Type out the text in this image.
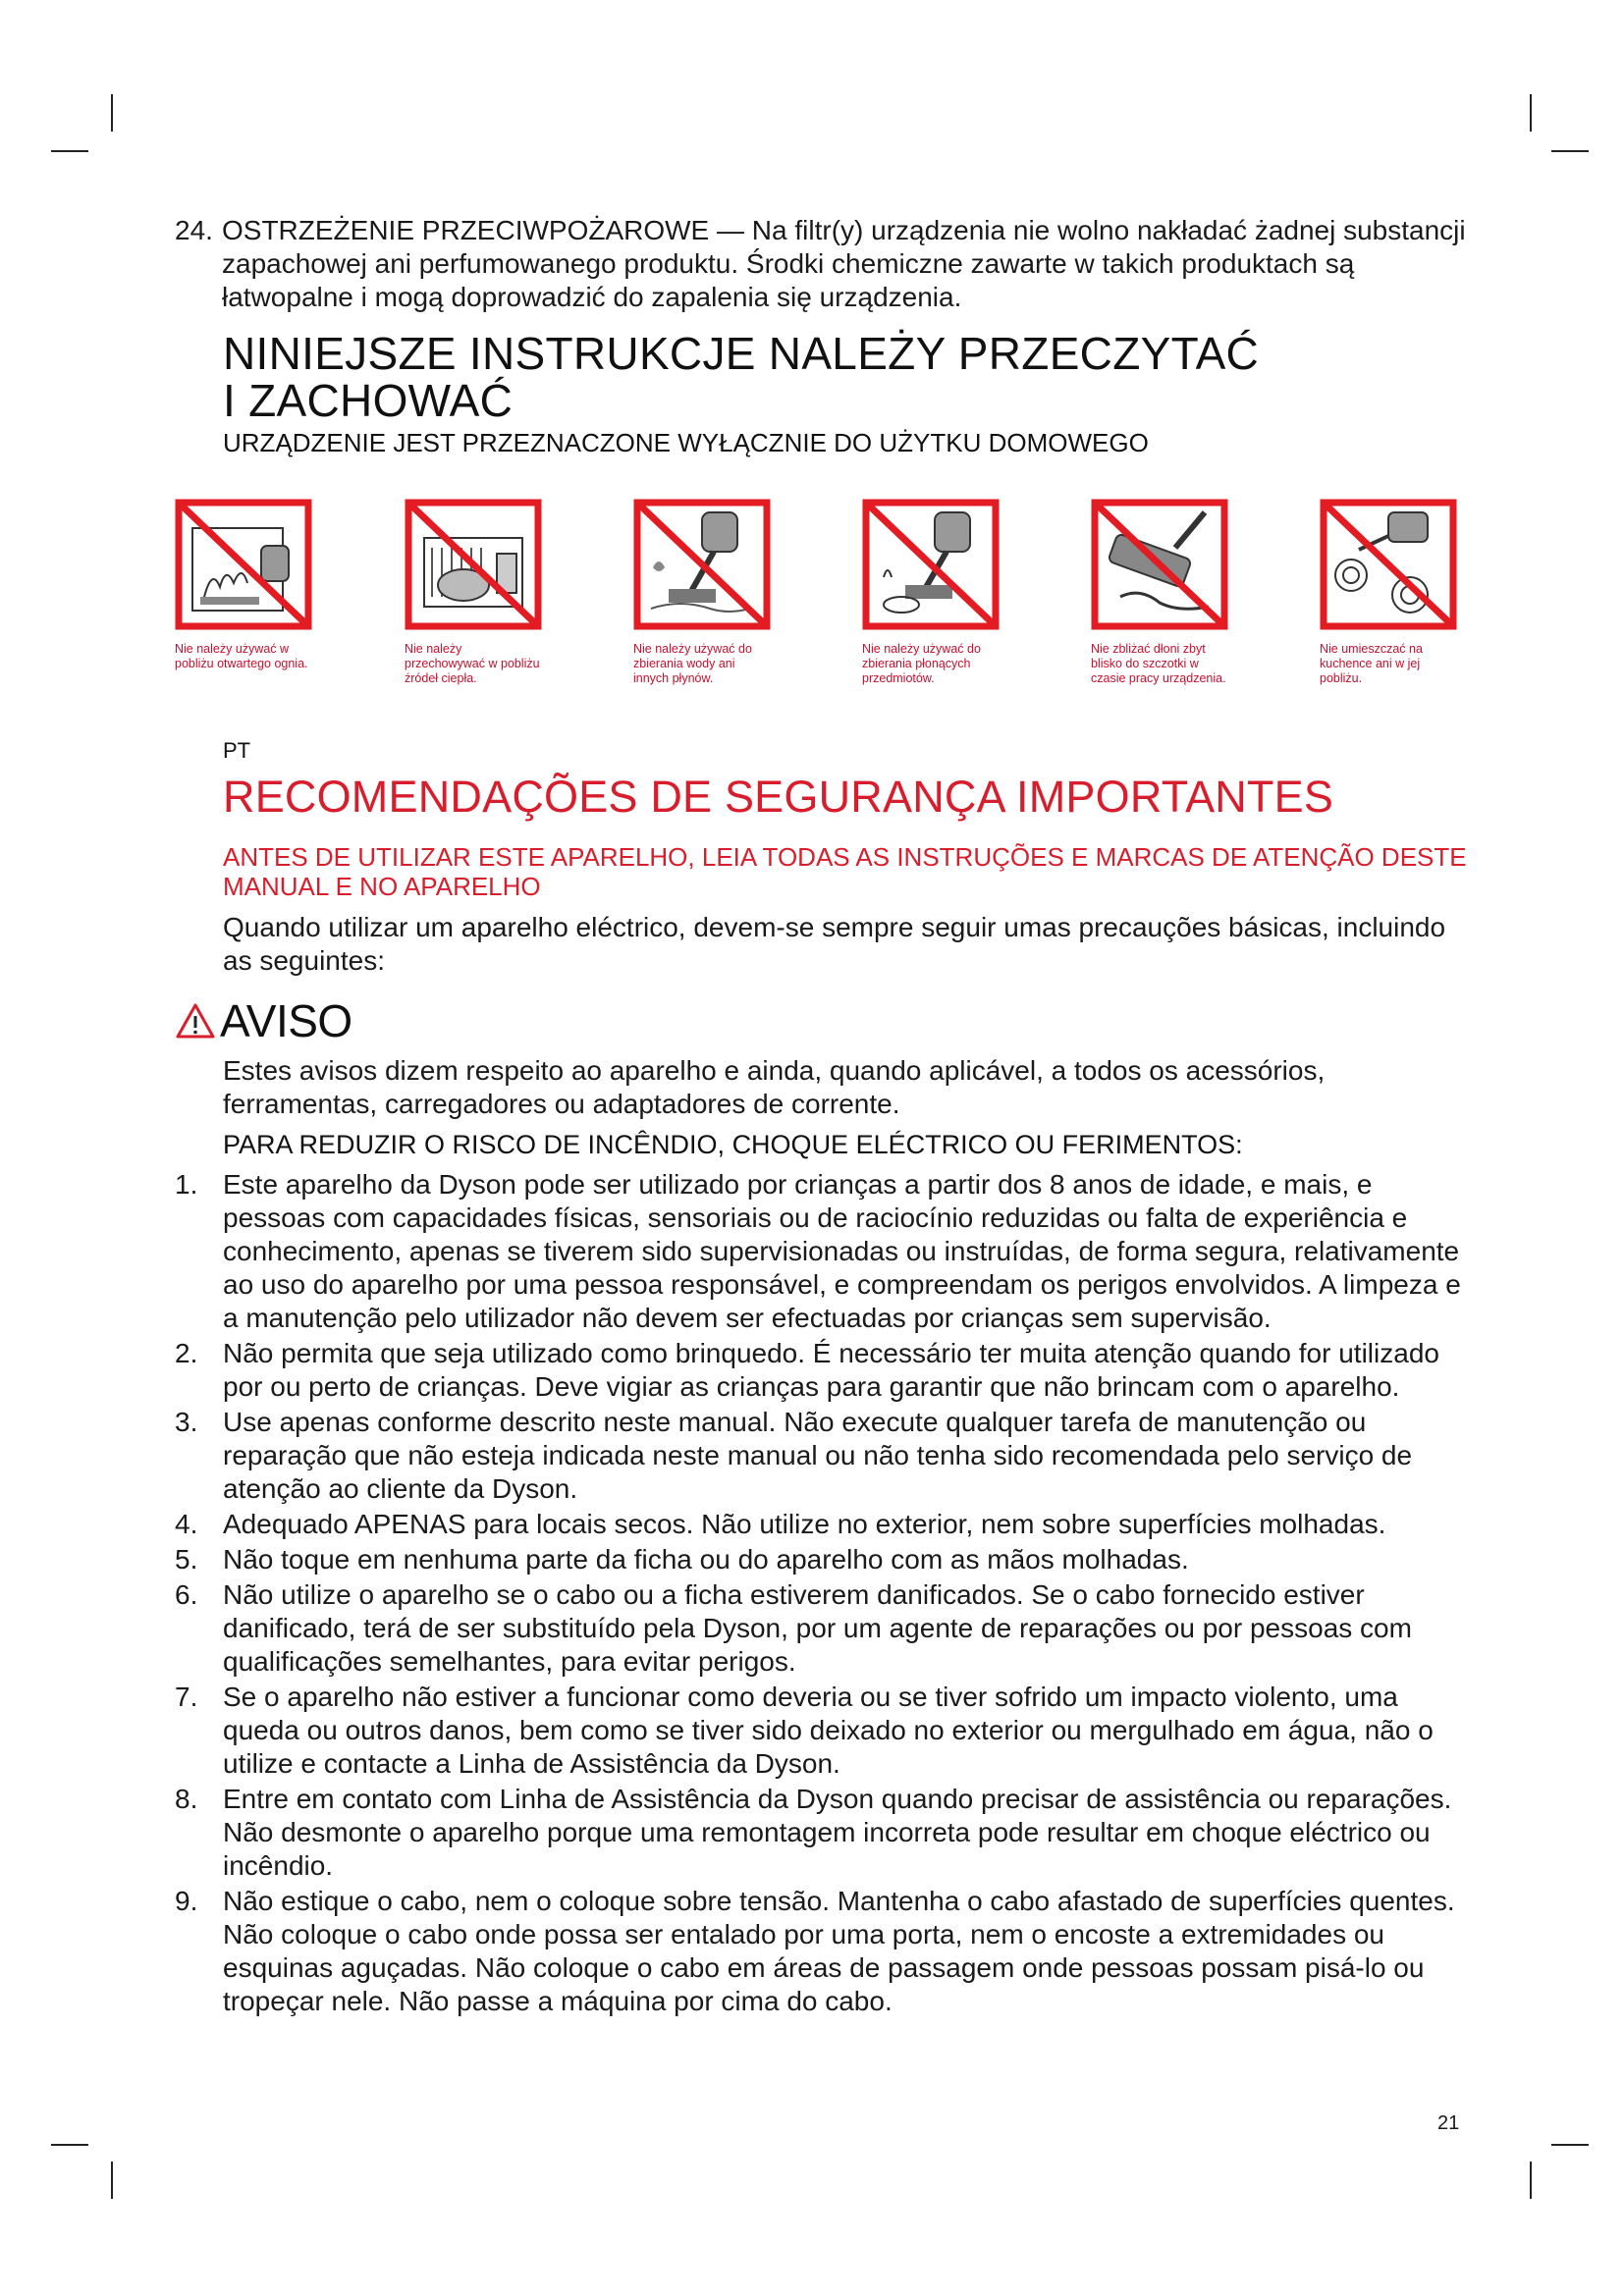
24. OSTRZEŻENIE PRZECIWPOŻAROWE — Na filtr(y) urządzenia nie wolno nakładać żadnej substancji zapachowej ani perfumowanego produktu. Środki chemiczne zawarte w takich produktach są łatwopalne i mogą doprowadzić do zapalenia się urządzenia.
NINIEJSZE INSTRUKCJE NALEŻY PRZECZYTAĆ
I ZACHOWAĆ
URZĄDZENIE JEST PRZEZNACZONE WYŁĄCZNIE DO UŻYTKU DOMOWEGO
Nie należy używać w pobliżu otwartego ognia.
Nie należy przechowywać w pobliżu źródeł ciepła.
Nie należy używać do zbierania wody ani innych płynów.
Nie należy używać do zbierania płonących przedmiotów.
Nie zbliżać dłoni zbyt blisko do szczotki w czasie pracy urządzenia.
Nie umieszczać na kuchence ani w jej pobliżu.
PT
RECOMENDAÇÕES DE SEGURANÇA IMPORTANTES
ANTES DE UTILIZAR ESTE APARELHO, LEIA TODAS AS INSTRUÇÕES E MARCAS DE ATENÇÃO DESTE MANUAL E NO APARELHO
Quando utilizar um aparelho eléctrico, devem-se sempre seguir umas precauções básicas, incluindo as seguintes:
AVISO
Estes avisos dizem respeito ao aparelho e ainda, quando aplicável, a todos os acessórios, ferramentas, carregadores ou adaptadores de corrente.
PARA REDUZIR O RISCO DE INCÊNDIO, CHOQUE ELÉCTRICO OU FERIMENTOS:
1. Este aparelho da Dyson pode ser utilizado por crianças a partir dos 8 anos de idade, e mais, e pessoas com capacidades físicas, sensoriais ou de raciocínio reduzidas ou falta de experiência e conhecimento, apenas se tiverem sido supervisionadas ou instruídas, de forma segura, relativamente ao uso do aparelho por uma pessoa responsável, e compreendam os perigos envolvidos. A limpeza e a manutenção pelo utilizador não devem ser efectuadas por crianças sem supervisão.
2. Não permita que seja utilizado como brinquedo. É necessário ter muita atenção quando for utilizado por ou perto de crianças. Deve vigiar as crianças para garantir que não brincam com o aparelho.
3. Use apenas conforme descrito neste manual. Não execute qualquer tarefa de manutenção ou reparação que não esteja indicada neste manual ou não tenha sido recomendada pelo serviço de atenção ao cliente da Dyson.
4. Adequado APENAS para locais secos. Não utilize no exterior, nem sobre superfícies molhadas.
5. Não toque em nenhuma parte da ficha ou do aparelho com as mãos molhadas.
6. Não utilize o aparelho se o cabo ou a ficha estiverem danificados. Se o cabo fornecido estiver danificado, terá de ser substituído pela Dyson, por um agente de reparações ou por pessoas com qualificações semelhantes, para evitar perigos.
7. Se o aparelho não estiver a funcionar como deveria ou se tiver sofrido um impacto violento, uma queda ou outros danos, bem como se tiver sido deixado no exterior ou mergulhado em água, não o utilize e contacte a Linha de Assistência da Dyson.
8. Entre em contato com Linha de Assistência da Dyson quando precisar de assistência ou reparações. Não desmonte o aparelho porque uma remontagem incorreta pode resultar em choque eléctrico ou incêndio.
9. Não estique o cabo, nem o coloque sobre tensão. Mantenha o cabo afastado de superfícies quentes. Não coloque o cabo onde possa ser entalado por uma porta, nem o encoste a extremidades ou esquinas aguçadas. Não coloque o cabo em áreas de passagem onde pessoas possam pisá-lo ou tropeçar nele. Não passe a máquina por cima do cabo.
21
